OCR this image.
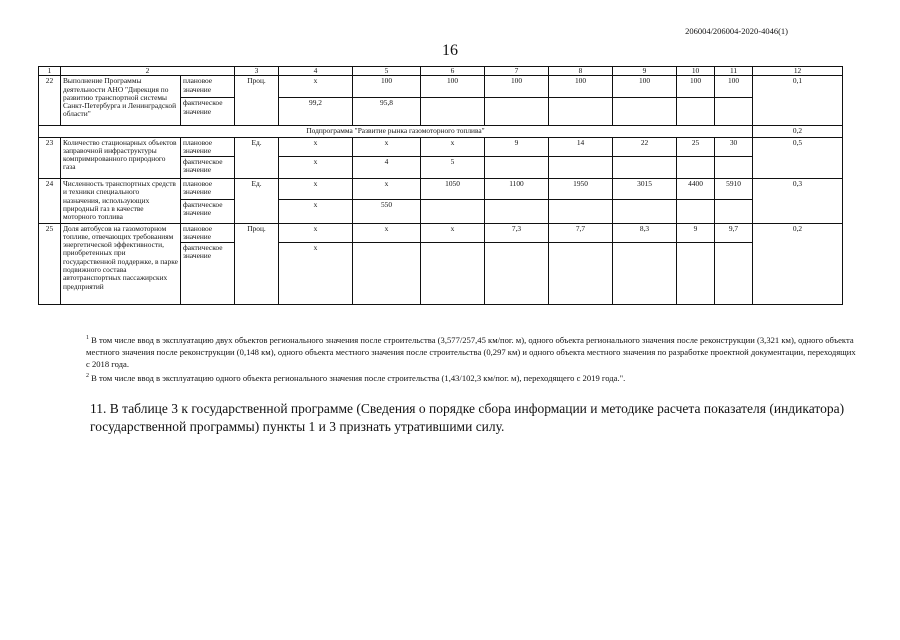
206004/206004-2020-4046(1)
16
1	2		3	4	5	6	7	8	9	10	11	12
22	Выполнение Программы деятельности АНО "Дирекция по развитию транспортной системы Санкт-Петербурга и Ленинградской области"	плановое значение	Проц.	х	100	100	100	100	100	100	100	0,1
		фактическое значение		99,2	95,8							
Подпрограмма "Развитие рынка газомоторного топлива"												0,2
23	Количество стационарных объектов заправочной инфраструктуры компримированного природного газа	плановое значение	Ед.	х	х	х	9	14	22	25	30	0,5
		фактическое значение		х	4	5						
24	Численность транспортных средств и техники специального назначения, использующих природный газ в качестве моторного топлива	плановое значение	Ед.	х	х	1050	1100	1950	3015	4400	5910	0,3
		фактическое значение		х	550							
25	Доля автобусов на газомоторном топливе, отвечающих требованиям энергетической эффективности, приобретенных при государственной поддержке, в парке подвижного состава автотранспортных пассажирских предприятий	плановое значение	Проц.	х	х	х	7,3	7,7	8,3	9	9,7	0,2
		фактическое значение		х								
$^1$ В том числе ввод в эксплуатацию двух объектов регионального значения после строительства (3,577/257,45 км/пог. м), одного объекта регионального значения после реконструкции (3,321 км), одного объекта местного значения после реконструкции (0,148 км), одного объекта местного значения после строительства (0,297 км) и одного объекта местного значения по разработке проектной документации, переходящих с 2018 года.
$^2$ В том числе ввод в эксплуатацию одного объекта регионального значения после строительства (1,43/102,3 км/пог. м), переходящего с 2019 года.".
11. В таблице 3 к государственной программе (Сведения о порядке сбора информации и методике расчета показателя (индикатора) государственной программы) пункты 1 и 3 признать утратившими силу.
